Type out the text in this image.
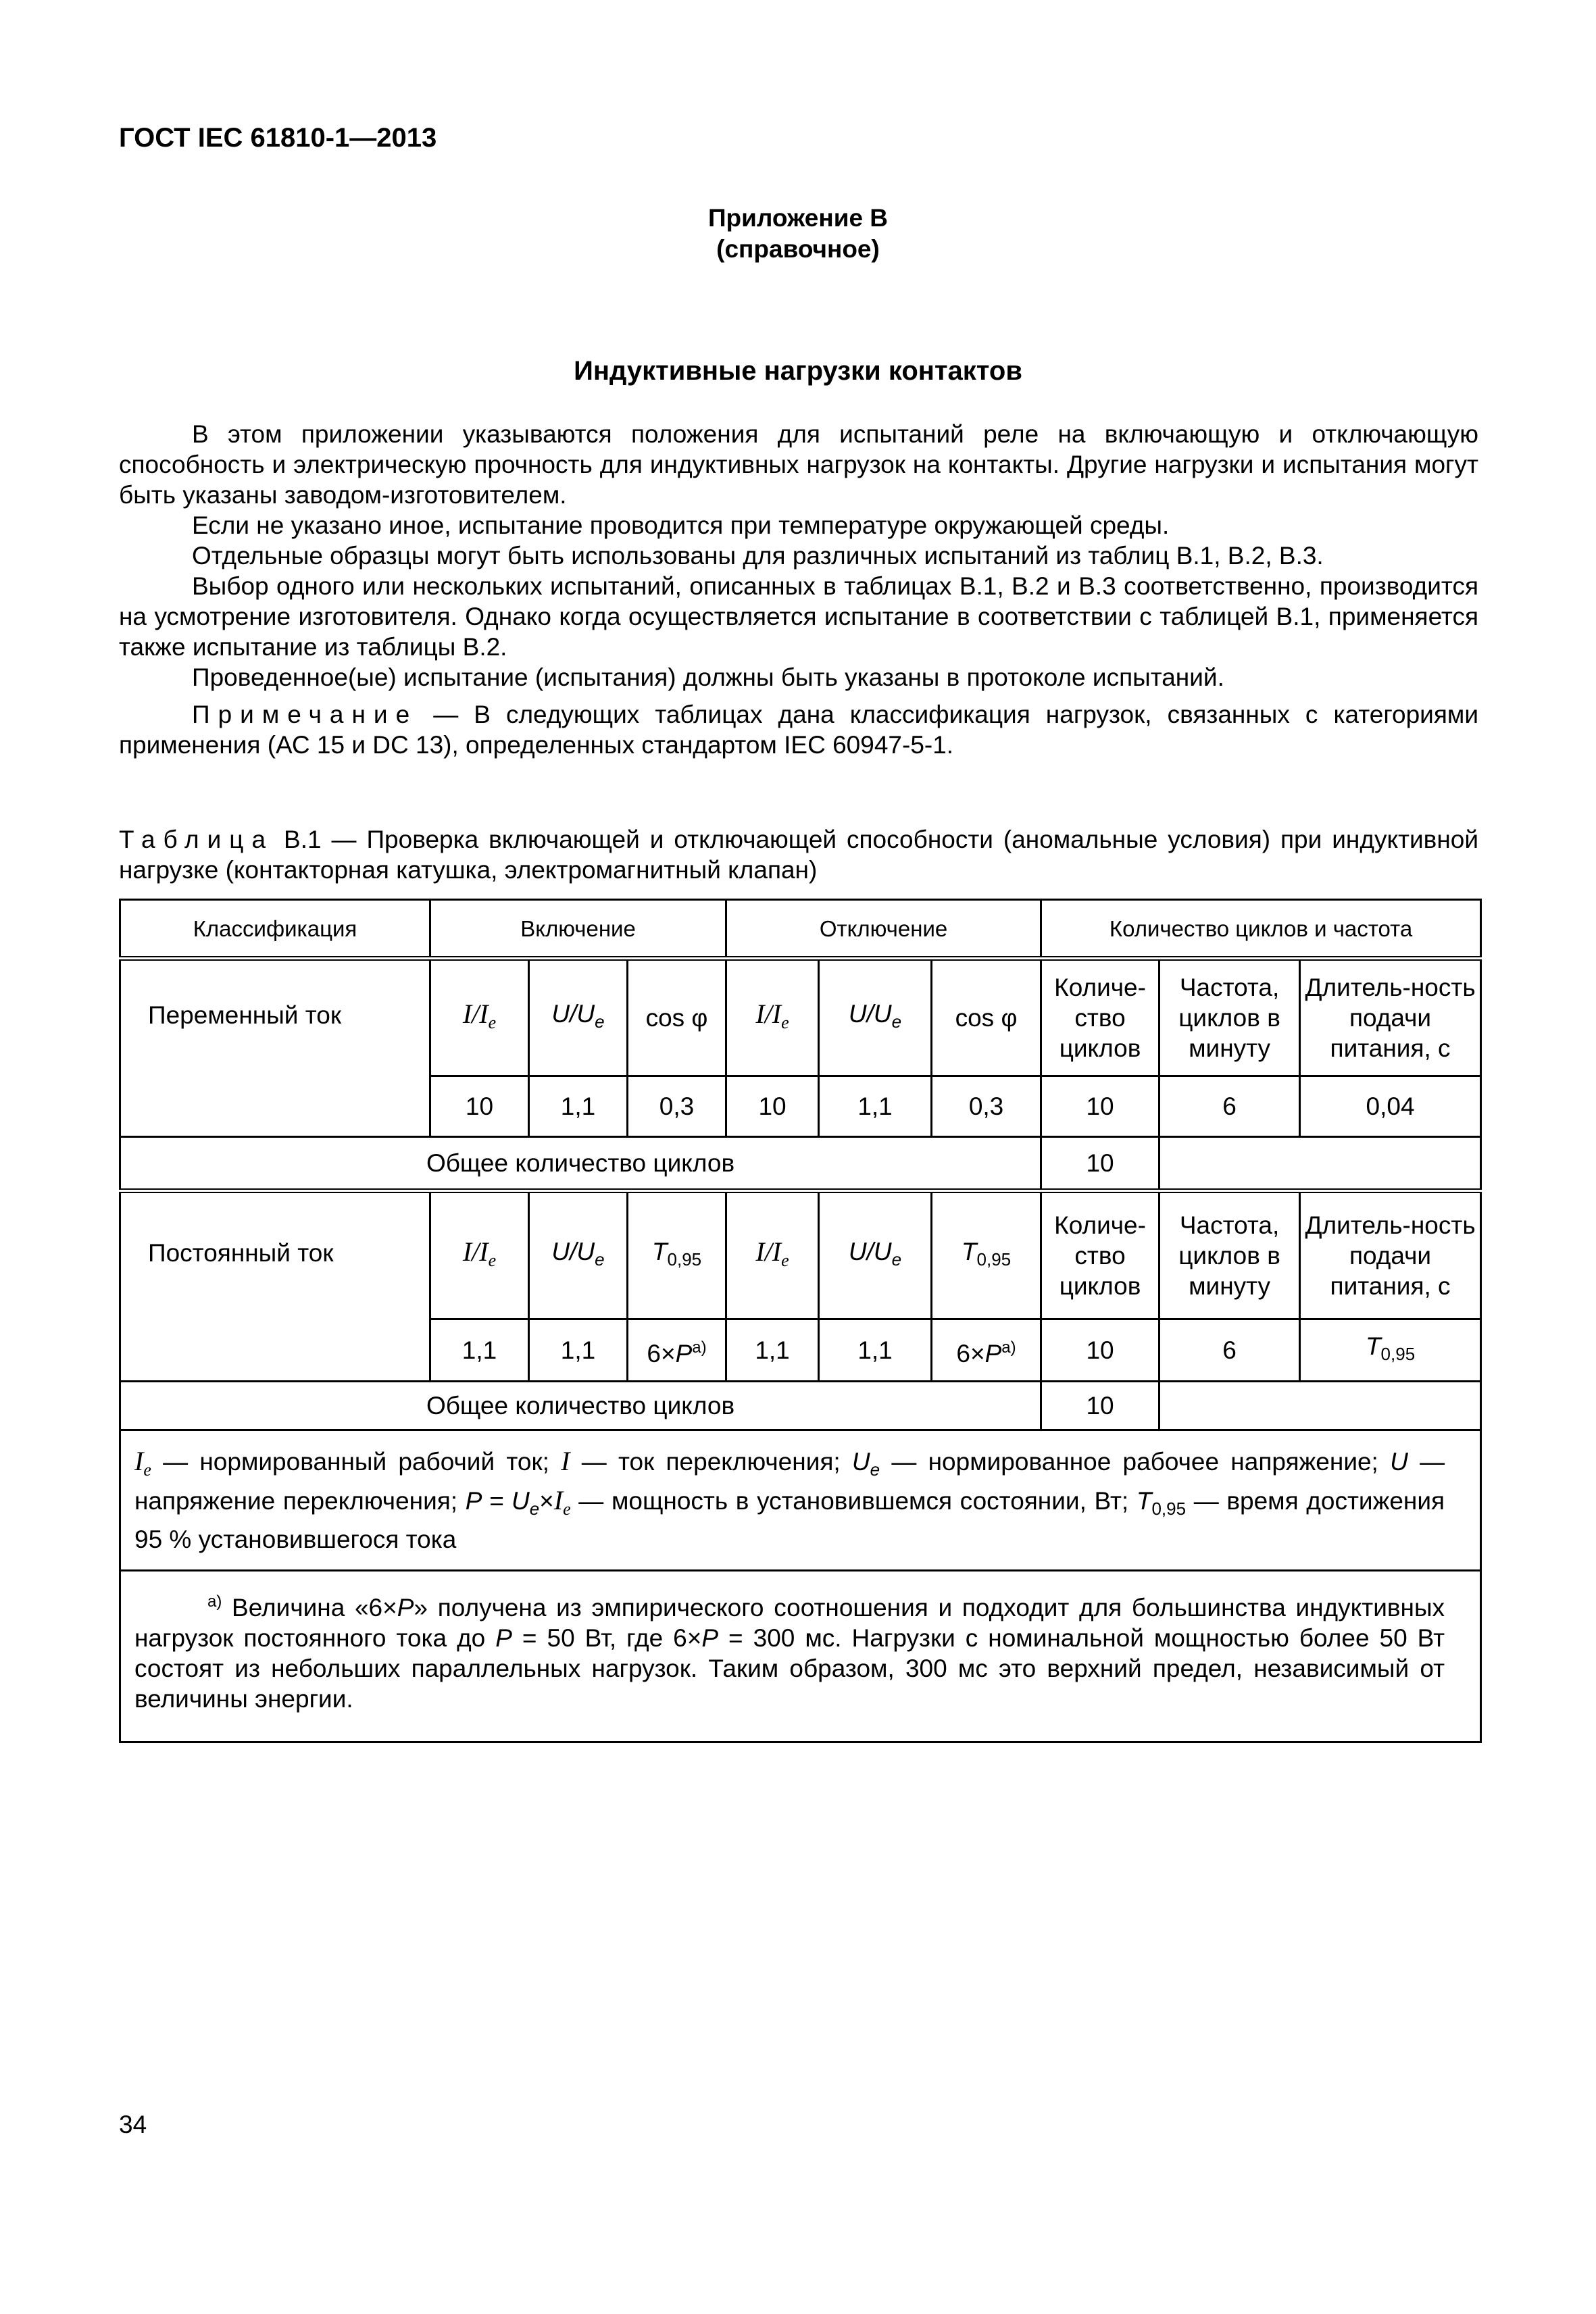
ГОСТ IEC 61810-1—2013
Приложение В
(справочное)
Индуктивные нагрузки контактов

В этом приложении указываются положения для испытаний реле на включающую и отключающую способность и электрическую прочность для индуктивных нагрузок на контакты. Другие нагрузки и испытания могут быть указаны заводом-изготовителем.

Если не указано иное, испытание проводится при температуре окружающей среды.

Отдельные образцы могут быть использованы для различных испытаний из таблиц В.1, В.2, В.3.

Выбор одного или нескольких испытаний, описанных в таблицах В.1, В.2 и В.3 соответственно, производится на усмотрение изготовителя. Однако когда осуществляется испытание в соответствии с таблицей В.1, применяется также испытание из таблицы В.2.

Проведенное(ые) испытание (испытания) должны быть указаны в протоколе испытаний.

Примечание — В следующих таблицах дана классификация нагрузок, связанных с категориями применения (АС 15 и DC 13), определенных стандартом IEC 60947-5-1.

Таблица В.1 — Проверка включающей и отключающей способности (аномальные условия) при индуктивной нагрузке (контакторная катушка, электромагнитный клапан)
Классификация	Включение			Отключение			Количество циклов и частота		
Переменный ток	$I/I_e$	$U/U_e$	cos φ	$I/I_e$	$U/U_e$	cos φ	Количе-ство циклов	Частота, циклов в минуту	Длитель-ность подачи питания, с
	10	1,1	0,3	10	1,1	0,3	10	6	0,04
Общее количество циклов							10		
Постоянный ток	$I/I_e$	$U/U_e$	$T_{0,95}$	$I/I_e$	$U/U_e$	$T_{0,95}$	Количе-ство циклов	Частота, циклов в минуту	Длитель-ность подачи питания, с
	1,1	1,1	$6\times P^{а)}$	1,1	1,1	$6\times P^{а)}$	10	6	$T_{0,95}$
Общее количество циклов							10		
$I_e$ — нормированный рабочий ток; I — ток переключения; $U_e$ — нормированное рабочее напряжение; U — напряжение переключения; $P = U_e\times I_e$ — мощность в установившемся состоянии, Вт; $T_{0,95}$ — время достижения 95 % установившегося тока									
$^{а)}$ Величина «6×P» получена из эмпирического соотношения и подходит для большинства индуктивных нагрузок постоянного тока до P = 50 Вт, где 6×P = 300 мс. Нагрузки с номинальной мощностью более 50 Вт состоят из небольших параллельных нагрузок. Таким образом, 300 мс это верхний предел, независимый от величины энергии.									
34
